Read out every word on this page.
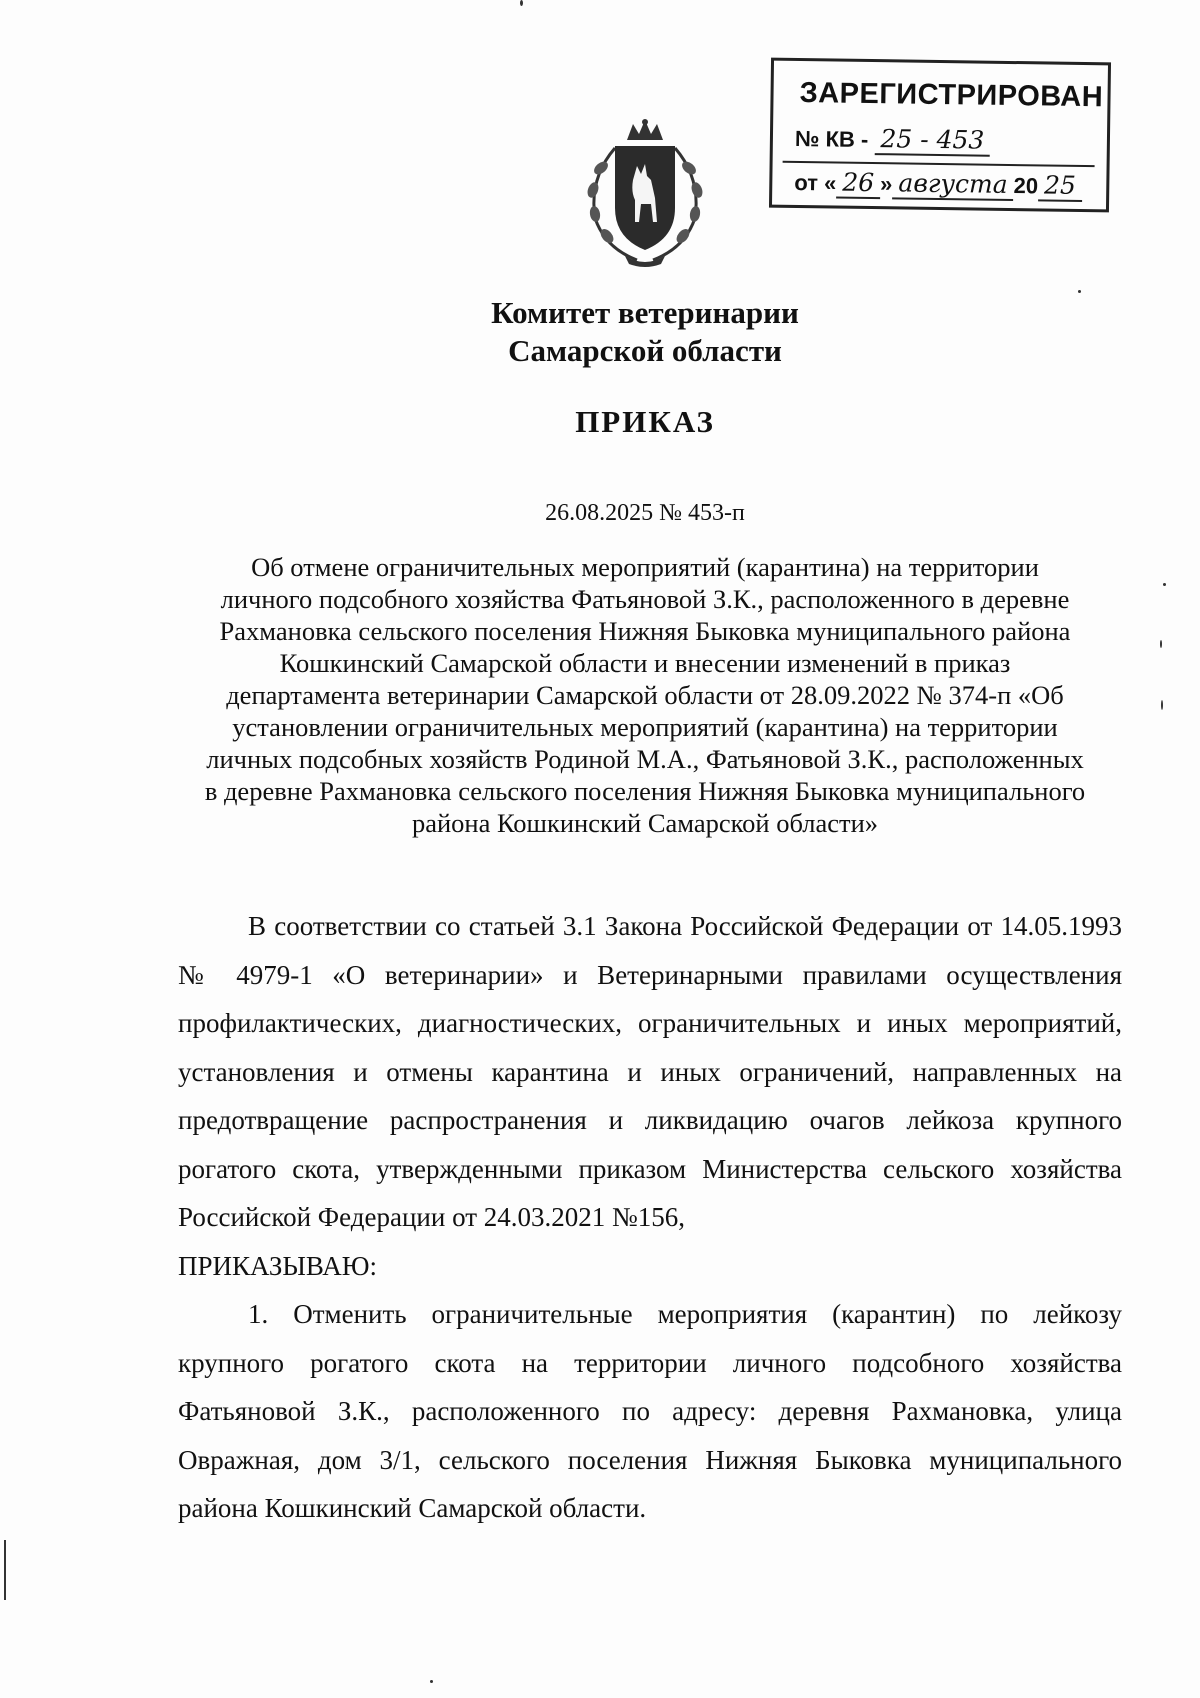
ЗАРЕГИСТРИРОВАН
№ КВ - 25 - 453
от « 26 » августа 20 25
Комитет ветеринарии
Самарской области
ПРИКАЗ
26.08.2025 № 453-п
Об отмене ограничительных мероприятий (карантина) на территории
личного подсобного хозяйства Фатьяновой З.К., расположенного в деревне
Рахмановка сельского поселения Нижняя Быковка муниципального района
Кошкинский Самарской области и внесении изменений в приказ
департамента ветеринарии Самарской области от 28.09.2022 № 374-п «Об
установлении ограничительных мероприятий (карантина) на территории
личных подсобных хозяйств Родиной М.А., Фатьяновой З.К., расположенных
в деревне Рахмановка сельского поселения Нижняя Быковка муниципального
района Кошкинский Самарской области»

В соответствии со статьей 3.1 Закона Российской Федерации от 14.05.1993 № 4979-1 «О ветеринарии» и Ветеринарными правилами осуществления профилактических, диагностических, ограничительных и иных мероприятий, установления и отмены карантина и иных ограничений, направленных на предотвращение распространения и ликвидацию очагов лейкоза крупного рогатого скота, утвержденными приказом Министерства сельского хозяйства Российской Федерации от 24.03.2021 №156,

ПРИКАЗЫВАЮ:

1. Отменить ограничительные мероприятия (карантин) по лейкозу крупного рогатого скота на территории личного подсобного хозяйства Фатьяновой З.К., расположенного по адресу: деревня Рахмановка, улица Овражная, дом 3/1, сельского поселения Нижняя Быковка муниципального района Кошкинский Самарской области.
